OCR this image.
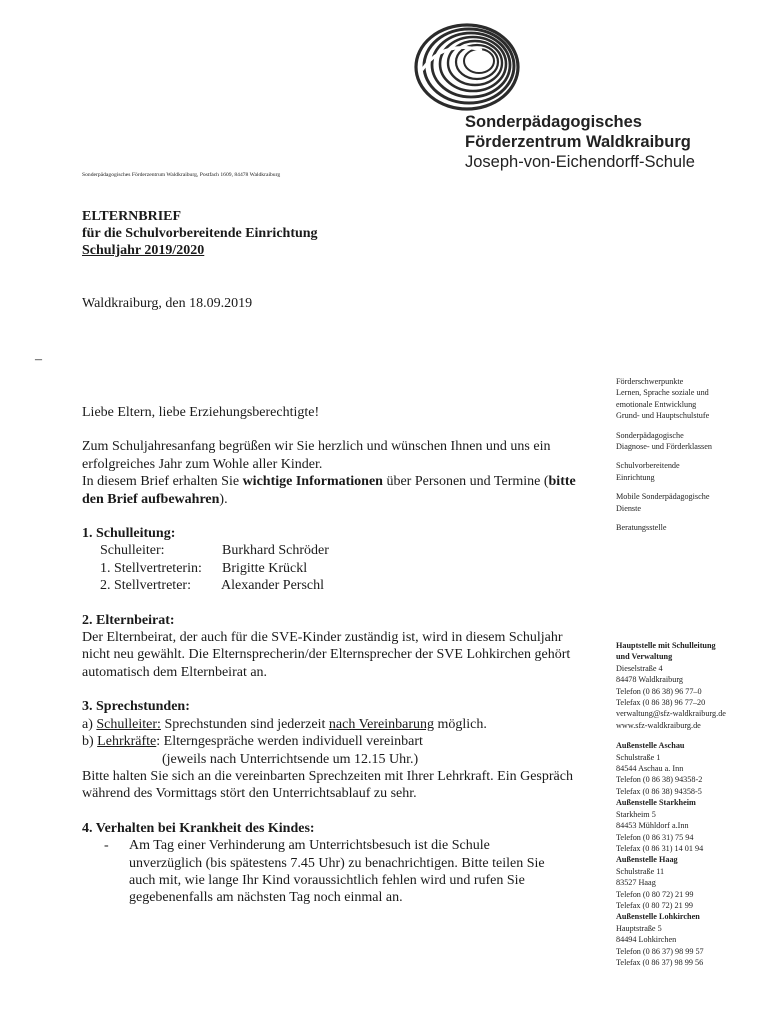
Sonderpädagogisches
Förderzentrum Waldkraiburg
Joseph-von-Eichendorff-Schule
Sonderpädagogisches Förderzentrum Waldkraiburg, Postfach 1609, 84478 Waldkraiburg
ELTERNBRIEF
für die Schulvorbereitende Einrichtung
Schuljahr 2019/2020
Waldkraiburg, den 18.09.2019
–

Liebe Eltern, liebe Erziehungsberechtigte!

Zum Schuljahresanfang begrüßen wir Sie herzlich und wünschen Ihnen und uns ein erfolgreiches Jahr zum Wohle aller Kinder.

In diesem Brief erhalten Sie wichtige Informationen über Personen und Termine (bitte den Brief aufbewahren).

1. Schulleitung:

Schulleiter:	Burkhard Schröder
1. Stellvertreterin:	Brigitte Krückl
2. Stellvertreter:	Alexander Perschl

2. Elternbeirat:

Der Elternbeirat, der auch für die SVE-Kinder zuständig ist, wird in diesem Schuljahr nicht neu gewählt. Die Elternsprecherin/der Elternsprecher der SVE Lohkirchen gehört automatisch dem Elternbeirat an.

3. Sprechstunden:

a) Schulleiter: Sprechstunden sind jederzeit nach Vereinbarung möglich.

b) Lehrkräfte: Elterngespräche werden individuell vereinbart

(jeweils nach Unterrichtsende um 12.15 Uhr.)

Bitte halten Sie sich an die vereinbarten Sprechzeiten mit Ihrer Lehrkraft. Ein Gespräch während des Vormittags stört den Unterrichtsablauf zu sehr.

4. Verhalten bei Krankheit des Kindes:

-	Am Tag einer Verhinderung am Unterrichtsbesuch ist die Schule unverzüglich (bis spätestens 7.45 Uhr) zu benachrichtigen. Bitte teilen Sie auch mit, wie lange Ihr Kind voraussichtlich fehlen wird und rufen Sie gegebenenfalls am nächsten Tag noch einmal an.
Förderschwerpunkte
Lernen, Sprache soziale und
emotionale Entwicklung
Grund- und Hauptschulstufe
Sonderpädagogische
Diagnose- und Förderklassen
Schulvorbereitende
Einrichtung
Mobile Sonderpädagogische
Dienste
Beratungsstelle
Hauptstelle mit Schulleitung
und Verwaltung
Dieselstraße 4
84478 Waldkraiburg
Telefon (0 86 38) 96 77–0
Telefax (0 86 38) 96 77–20
verwaltung@sfz-waldkraiburg.de
www.sfz-waldkraiburg.de
Außenstelle Aschau
Schulstraße 1
84544 Aschau a. Inn
Telefon (0 86 38) 94358-2
Telefax (0 86 38) 94358-5
Außenstelle Starkheim
Starkheim 5
84453 Mühldorf a.Inn
Telefon (0 86 31) 75 94
Telefax (0 86 31) 14 01 94
Außenstelle Haag
Schulstraße 11
83527 Haag
Telefon (0 80 72) 21 99
Telefax (0 80 72) 21 99
Außenstelle Lohkirchen
Hauptstraße 5
84494 Lohkirchen
Telefon (0 86 37) 98 99 57
Telefax (0 86 37) 98 99 56
